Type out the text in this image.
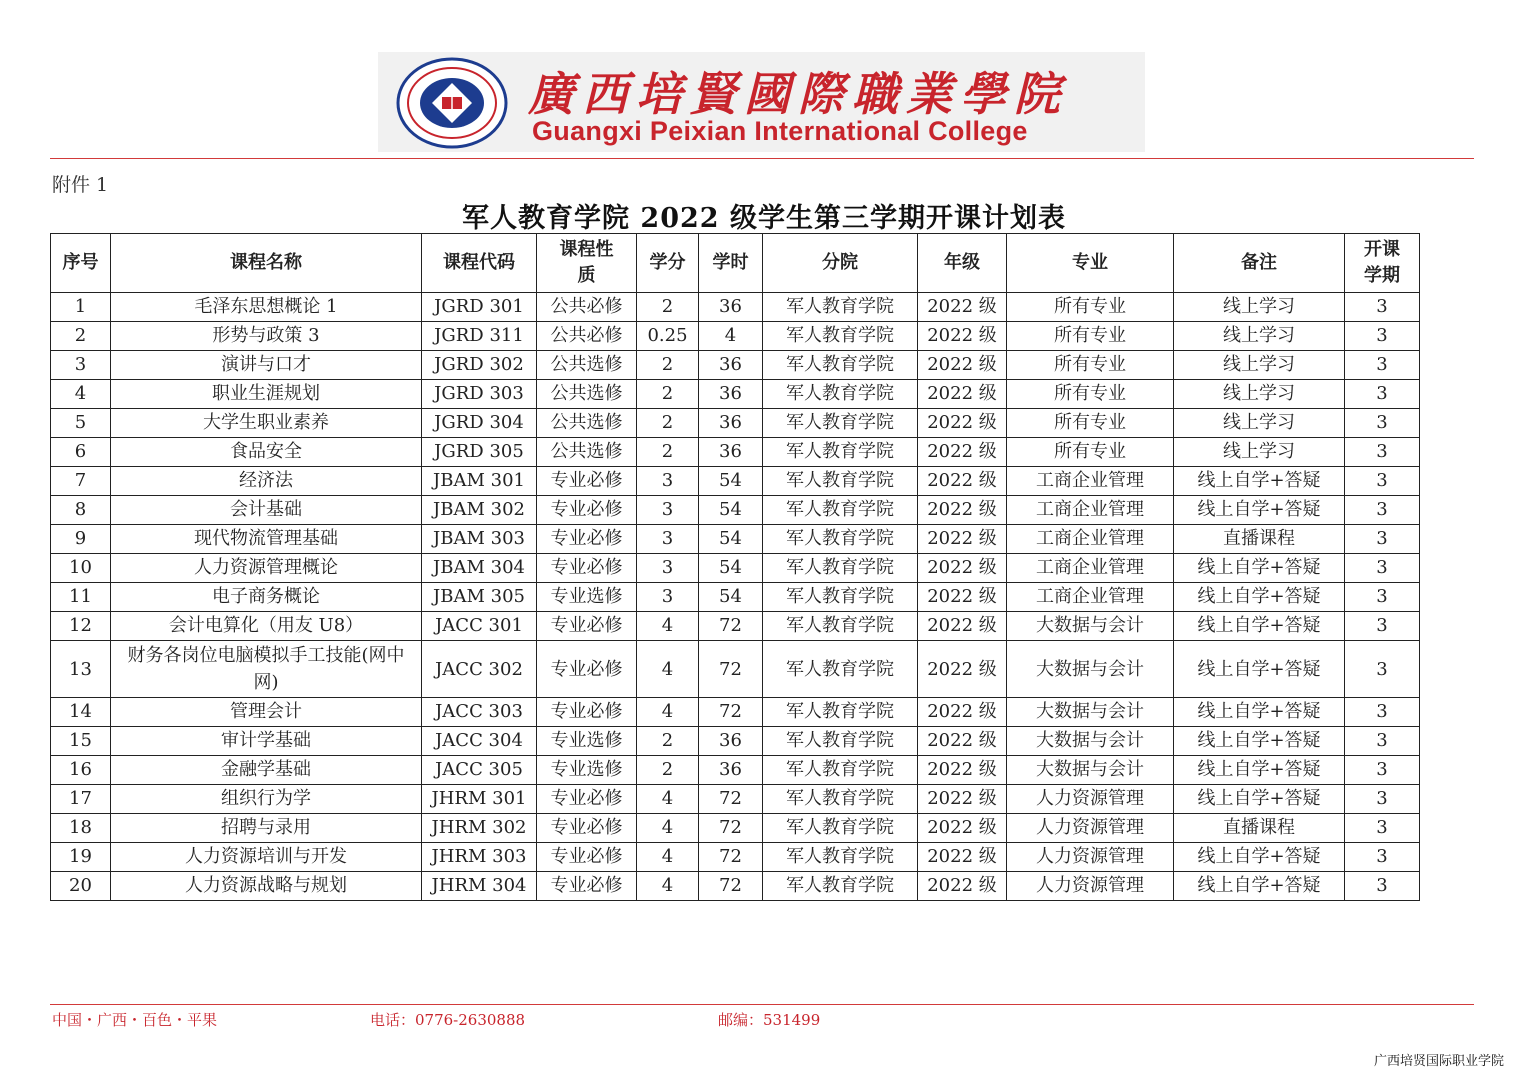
廣西培賢國際職業學院
Guangxi Peixian International College
附件 1
军人教育学院 2022 级学生第三学期开课计划表
序号	课程名称	课程代码	课程性质	学分	学时	分院	年级	专业	备注	开课学期
1	毛泽东思想概论 1	JGRD 301	公共必修	2	36	军人教育学院	2022 级	所有专业	线上学习	3
2	形势与政策 3	JGRD 311	公共必修	0.25	4	军人教育学院	2022 级	所有专业	线上学习	3
3	演讲与口才	JGRD 302	公共选修	2	36	军人教育学院	2022 级	所有专业	线上学习	3
4	职业生涯规划	JGRD 303	公共选修	2	36	军人教育学院	2022 级	所有专业	线上学习	3
5	大学生职业素养	JGRD 304	公共选修	2	36	军人教育学院	2022 级	所有专业	线上学习	3
6	食品安全	JGRD 305	公共选修	2	36	军人教育学院	2022 级	所有专业	线上学习	3
7	经济法	JBAM 301	专业必修	3	54	军人教育学院	2022 级	工商企业管理	线上自学+答疑	3
8	会计基础	JBAM 302	专业必修	3	54	军人教育学院	2022 级	工商企业管理	线上自学+答疑	3
9	现代物流管理基础	JBAM 303	专业必修	3	54	军人教育学院	2022 级	工商企业管理	直播课程	3
10	人力资源管理概论	JBAM 304	专业必修	3	54	军人教育学院	2022 级	工商企业管理	线上自学+答疑	3
11	电子商务概论	JBAM 305	专业选修	3	54	军人教育学院	2022 级	工商企业管理	线上自学+答疑	3
12	会计电算化（用友 U8）	JACC 301	专业必修	4	72	军人教育学院	2022 级	大数据与会计	线上自学+答疑	3
13	财务各岗位电脑模拟手工技能(网中网)	JACC 302	专业必修	4	72	军人教育学院	2022 级	大数据与会计	线上自学+答疑	3
14	管理会计	JACC 303	专业必修	4	72	军人教育学院	2022 级	大数据与会计	线上自学+答疑	3
15	审计学基础	JACC 304	专业选修	2	36	军人教育学院	2022 级	大数据与会计	线上自学+答疑	3
16	金融学基础	JACC 305	专业选修	2	36	军人教育学院	2022 级	大数据与会计	线上自学+答疑	3
17	组织行为学	JHRM 301	专业必修	4	72	军人教育学院	2022 级	人力资源管理	线上自学+答疑	3
18	招聘与录用	JHRM 302	专业必修	4	72	军人教育学院	2022 级	人力资源管理	直播课程	3
19	人力资源培训与开发	JHRM 303	专业必修	4	72	军人教育学院	2022 级	人力资源管理	线上自学+答疑	3
20	人力资源战略与规划	JHRM 304	专业必修	4	72	军人教育学院	2022 级	人力资源管理	线上自学+答疑	3
中国・广西・百色・平果	电话：0776-2630888	邮编：531499
广西培贤国际职业学院
